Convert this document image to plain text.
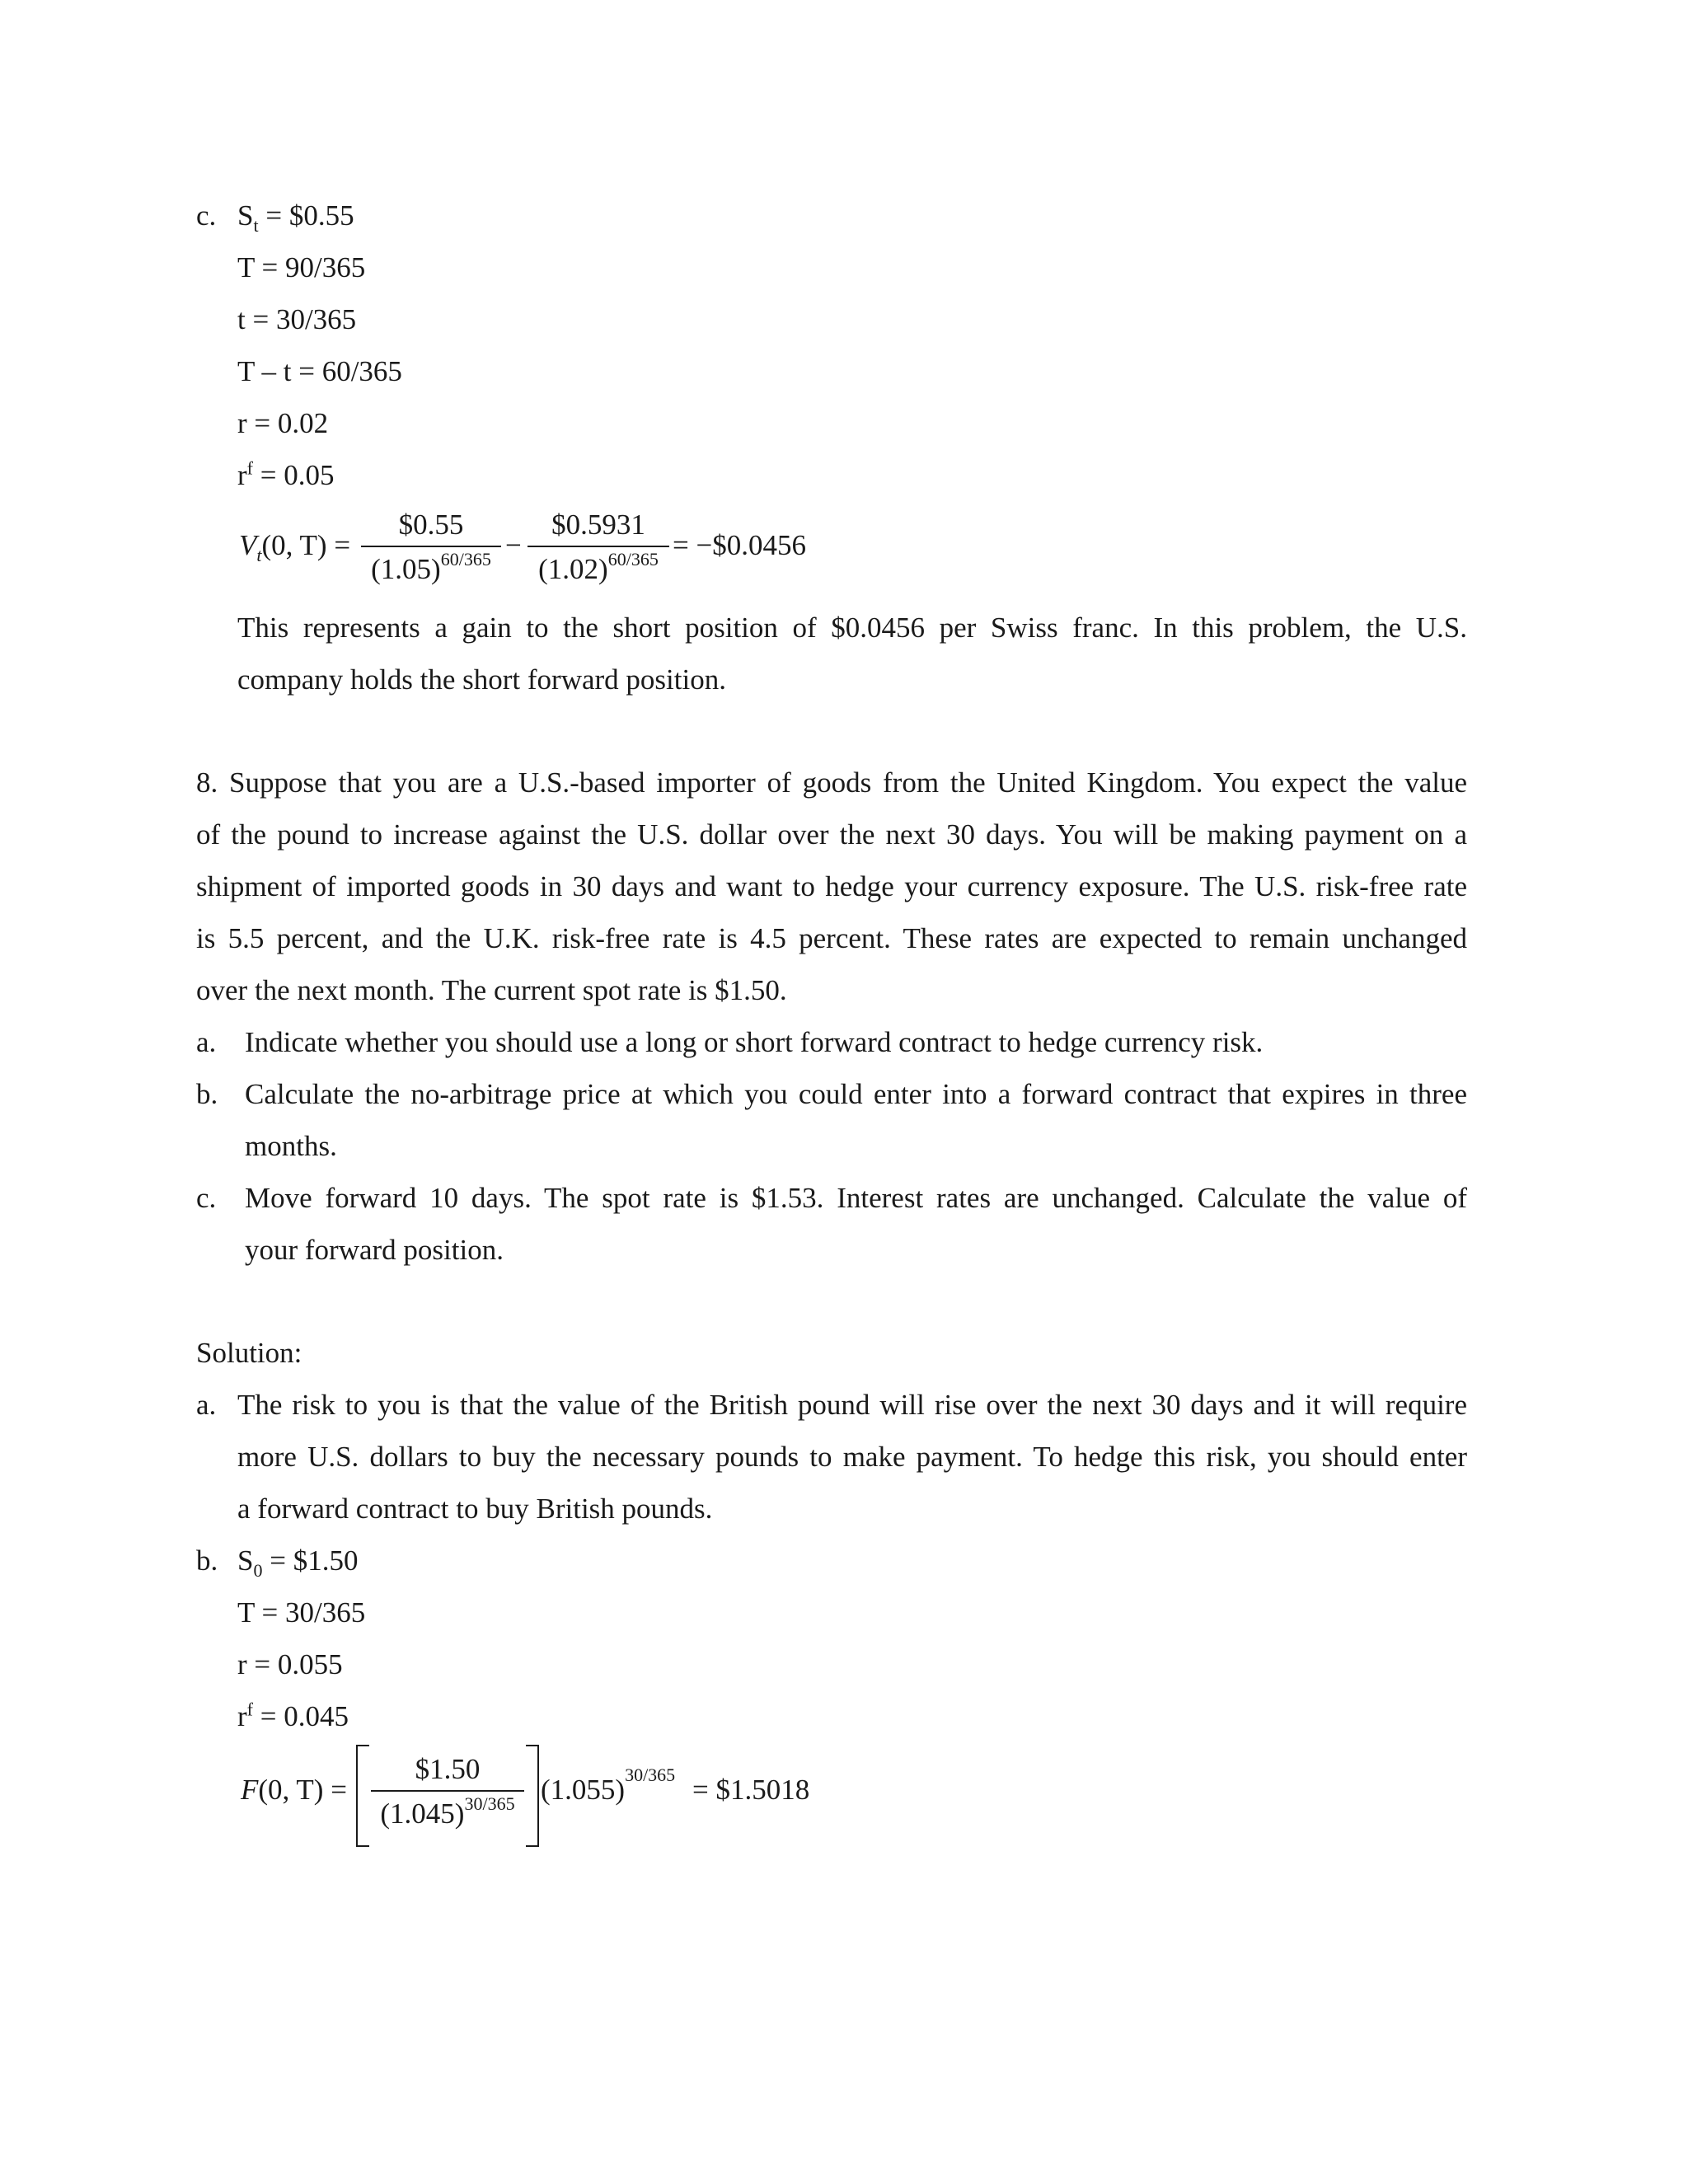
c. $S_t$ = $0.55
T = 90/365
t = 30/365
T – t = 60/365
r = 0.02
$r^f = 0.05$
$V_t(0$, T) =
$0.55
$(1.05)^{60/365}$ −
$0.5931
$(1.02)^{60/365}$ = −$0.0456
This represents a gain to the short position of $0.0456 per Swiss franc. In this problem, the U.S.
company holds the short forward position.
8. Suppose that you are a U.S.-based importer of goods from the United Kingdom. You expect the value
of the pound to increase against the U.S. dollar over the next 30 days. You will be making payment on a
shipment of imported goods in 30 days and want to hedge your currency exposure. The U.S. risk-free rate
is 5.5 percent, and the U.K. risk-free rate is 4.5 percent. These rates are expected to remain unchanged
over the next month. The current spot rate is $1.50.
a. Indicate whether you should use a long or short forward contract to hedge currency risk.
b. Calculate the no-arbitrage price at which you could enter into a forward contract that expires in three
months.
c. Move forward 10 days. The spot rate is $1.53. Interest rates are unchanged. Calculate the value of
your forward position.
Solution:
a. The risk to you is that the value of the British pound will rise over the next 30 days and it will require
more U.S. dollars to buy the necessary pounds to make payment. To hedge this risk, you should enter
a forward contract to buy British pounds.
b. $S_0$ = $1.50
T = 30/365
r = 0.055
$r^f = 0.045$
F(0, T) =
$1.50
$(1.045)^{30/365}$ $(1.055)^{30/365}$ = $1.5018
